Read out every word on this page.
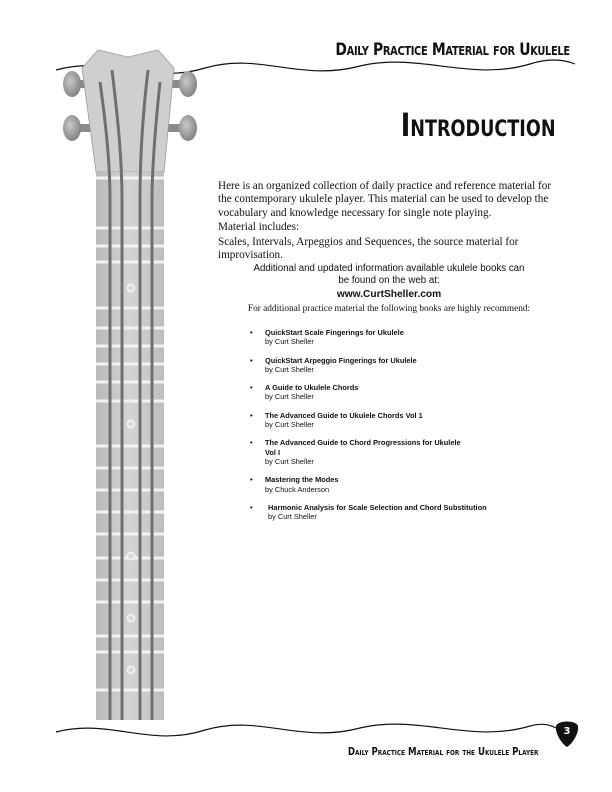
Daily Practice Material for Ukulele
Introduction
Here is an organized collection of daily practice and reference material for the contemporary ukulele player. This material can be used to develop the vocabulary and knowledge necessary for single note playing.
Material includes:
Scales, Intervals, Arpeggios and Sequences, the source material for improvisation.
Additional and updated information available ukulele books can
be found on the web at:
www.CurtSheller.com
For additional practice material the following books are highly recommend:
•	QuickStart Scale Fingerings for Ukulele
by Curt Sheller
•	QuickStart Arpeggio Fingerings for Ukulele
by Curt Sheller
•	A Guide to Ukulele Chords
by Curt Sheller
•	The Advanced Guide to Ukulele Chords Vol 1
by Curt Sheller
•	The Advanced Guide to Chord Progressions for Ukulele Vol I
by Curt Sheller
•	Mastering the Modes
by Chuck Anderson
•	Harmonic Analysis for Scale Selection and Chord Substitution
by Curt Sheller
Daily Practice Material for the Ukulele Player
3
